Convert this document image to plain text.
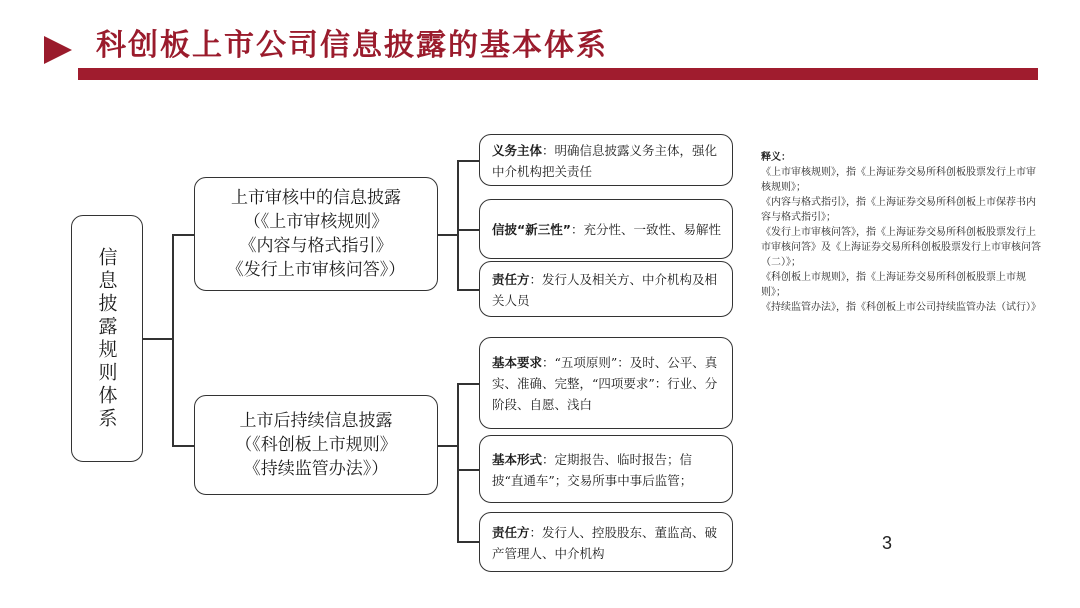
科创板上市公司信息披露的基本体系
信息披露规则体系
上市审核中的信息披露
（《上市审核规则》
《内容与格式指引》
《发行上市审核问答》）
上市后持续信息披露
（《科创板上市规则》
《持续监管办法》）
义务主体：明确信息披露义务主体，强化中介机构把关责任
信披“新三性”：充分性、一致性、易解性
责任方：发行人及相关方、中介机构及相关人员
基本要求：“五项原则”：及时、公平、真实、准确、完整，“四项要求”：行业、分阶段、自愿、浅白
基本形式：定期报告、临时报告；信披“直通车”；交易所事中事后监管；
责任方：发行人、控股股东、董监高、破产管理人、中介机构
释义：
《上市审核规则》，指《上海证券交易所科创板股票发行上市审核规则》；
《内容与格式指引》，指《上海证券交易所科创板上市保荐书内容与格式指引》；
《发行上市审核问答》，指《上海证券交易所科创板股票发行上市审核问答》及《上海证券交易所科创板股票发行上市审核问答（二）》；
《科创板上市规则》，指《上海证券交易所科创板股票上市规则》；
《持续监管办法》，指《科创板上市公司持续监管办法（试行）》
3
